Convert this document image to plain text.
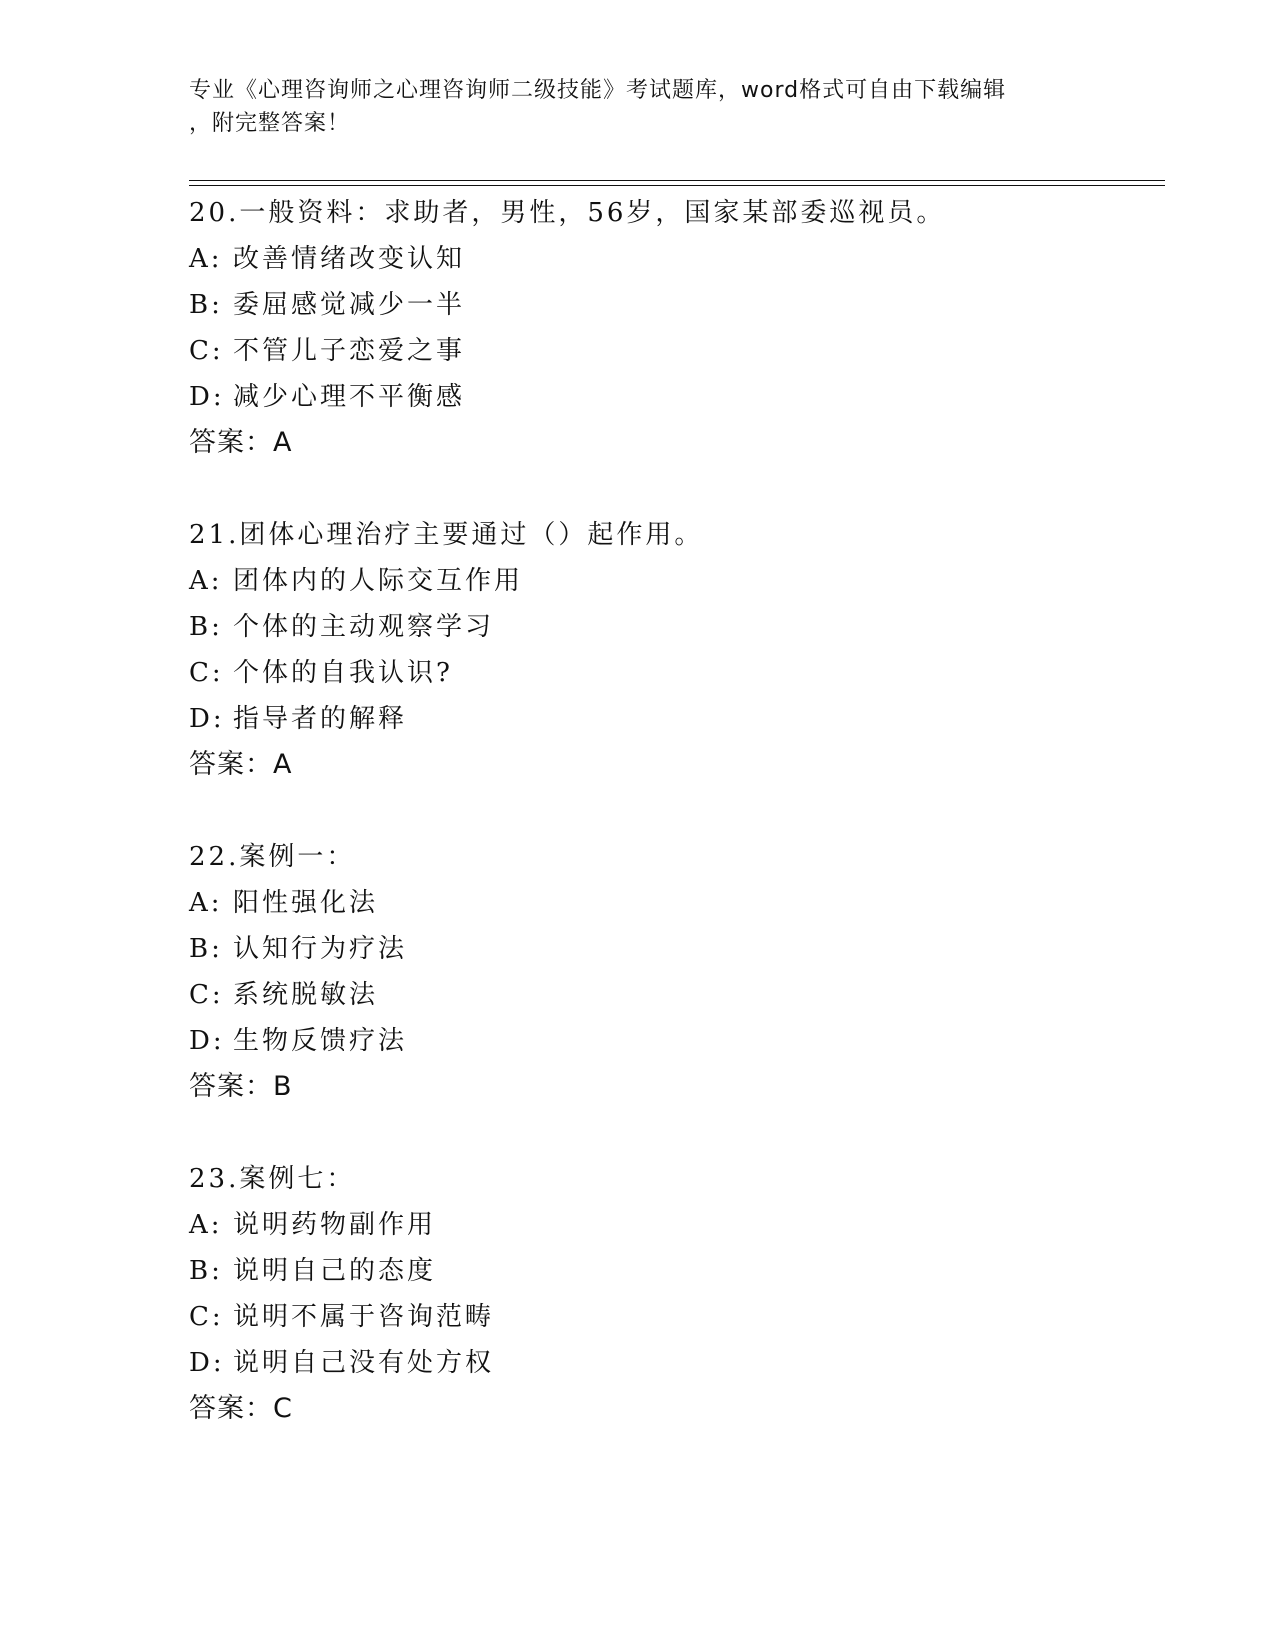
专业《心理咨询师之心理咨询师二级技能》考试题库，word格式可自由下载编辑
，附完整答案！
20.一般资料：求助者，男性，56岁，国家某部委巡视员。
A: 改善情绪改变认知
B: 委屈感觉减少一半
C: 不管儿子恋爱之事
D: 减少心理不平衡感
答案：A
21.团体心理治疗主要通过（）起作用。
A: 团体内的人际交互作用
B: 个体的主动观察学习
C: 个体的自我认识?
D: 指导者的解释
答案：A
22.案例一：
A: 阳性强化法
B: 认知行为疗法
C: 系统脱敏法
D: 生物反馈疗法
答案：B
23.案例七：
A: 说明药物副作用
B: 说明自己的态度
C: 说明不属于咨询范畴
D: 说明自己没有处方权
答案：C
